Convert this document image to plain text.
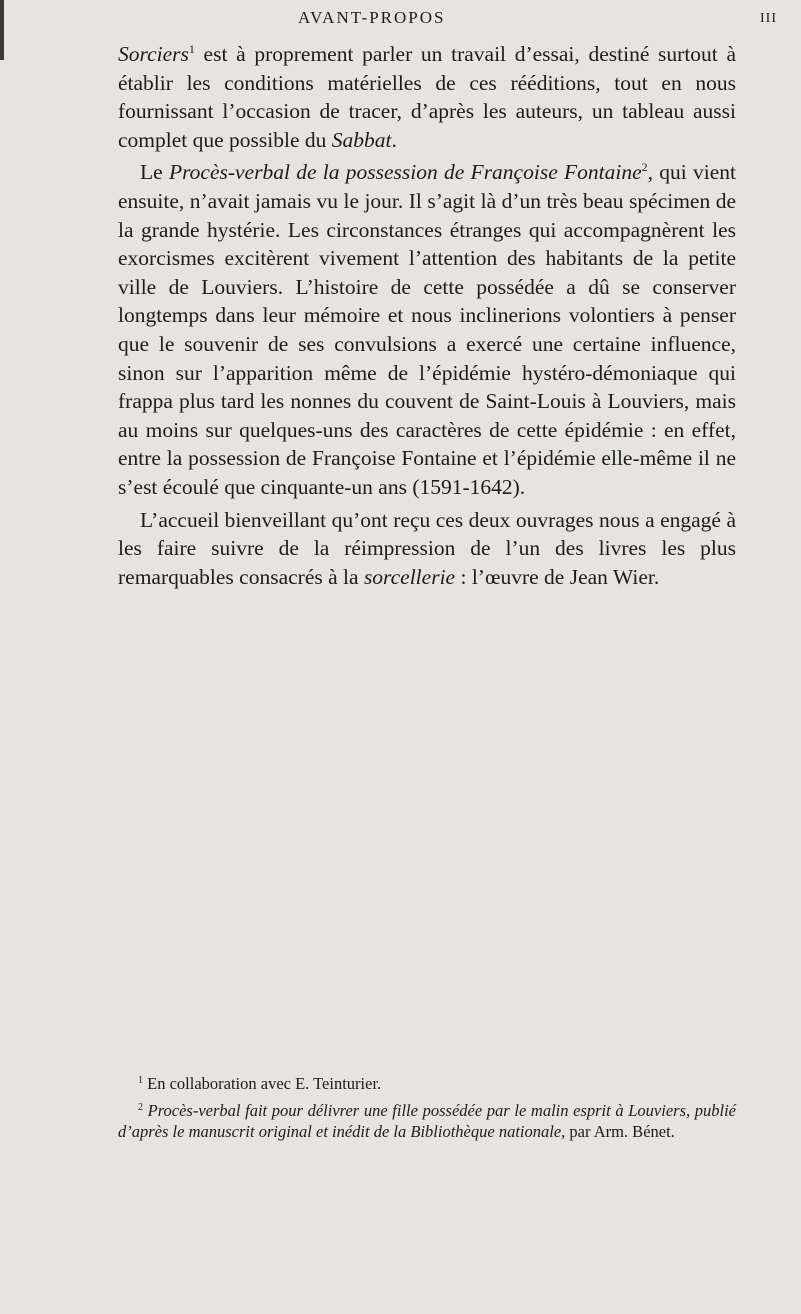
AVANT-PROPOS	III

Sorciers$^1$ est à proprement parler un travail d’essai, destiné surtout à établir les conditions matérielles de ces rééditions, tout en nous fournissant l’occasion de tracer, d’après les auteurs, un tableau aussi complet que possible du Sabbat.

Le Procès-verbal de la possession de Françoise Fontaine$^2$, qui vient ensuite, n’avait jamais vu le jour. Il s’agit là d’un très beau spécimen de la grande hystérie. Les circonstances étranges qui accompagnèrent les exorcismes excitèrent vivement l’attention des habitants de la petite ville de Louviers. L’histoire de cette possédée a dû se conserver longtemps dans leur mémoire et nous inclinerions volontiers à penser que le souvenir de ses convulsions a exercé une certaine influence, sinon sur l’apparition même de l’épidémie hystéro-démoniaque qui frappa plus tard les nonnes du couvent de Saint-Louis à Louviers, mais au moins sur quelques-uns des caractères de cette épidémie : en effet, entre la possession de Françoise Fontaine et l’épidémie elle-même il ne s’est écoulé que cinquante-un ans (1591-1642).

L’accueil bienveillant qu’ont reçu ces deux ouvrages nous a engagé à les faire suivre de la réimpression de l’un des livres les plus remarquables consacrés à la sorcellerie : l’œuvre de Jean Wier.

$^1$ En collaboration avec E. Teinturier.

$^2$ Procès-verbal fait pour délivrer une fille possédée par le malin esprit à Louviers, publié d’après le manuscrit original et inédit de la Bibliothèque nationale, par Arm. Bénet.
